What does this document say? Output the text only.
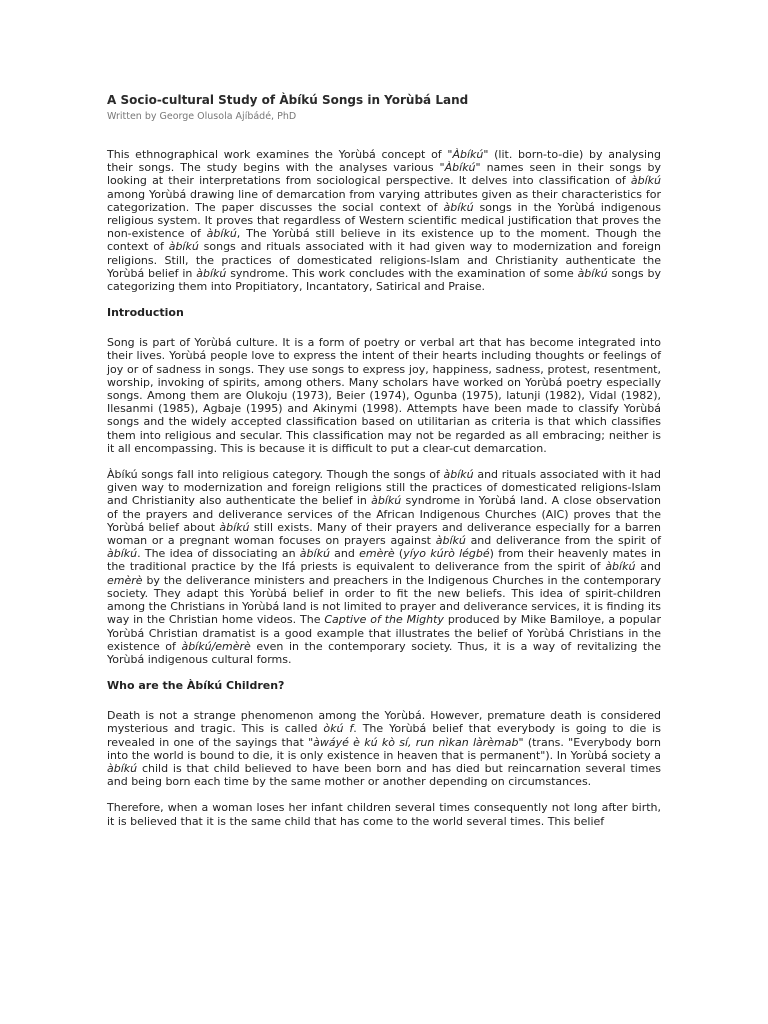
A Socio-cultural Study of Àbíkú Songs in Yorùbá Land
Written by George Olusola Ajíbádé, PhD

This ethnographical work examines the Yorùbá concept of "Àbíkú" (lit. born-to-die) by analysing their songs. The study begins with the analyses various "Àbíkú" names seen in their songs by looking at their interpretations from sociological perspective. It delves into classification of àbíkú among Yorùbá drawing line of demarcation from varying attributes given as their characteristics for categorization. The paper discusses the social context of àbíkú songs in the Yorùbá indigenous religious system. It proves that regardless of Western scientific medical justification that proves the non-existence of àbíkú, The Yorùbá still believe in its existence up to the moment. Though the context of àbíkú songs and rituals associated with it had given way to modernization and foreign religions. Still, the practices of domesticated religions-Islam and Christianity authenticate the Yorùbá belief in àbíkú syndrome. This work concludes with the examination of some àbíkú songs by categorizing them into Propitiatory, Incantatory, Satirical and Praise.

Introduction

Song is part of Yorùbá culture. It is a form of poetry or verbal art that has become integrated into their lives. Yorùbá people love to express the intent of their hearts including thoughts or feelings of joy or of sadness in songs. They use songs to express joy, happiness, sadness, protest, resentment, worship, invoking of spirits, among others. Many scholars have worked on Yorùbá poetry especially songs. Among them are Olukoju (1973), Beier (1974), Ogunba (1975), latunji (1982), Vidal (1982), Ilesanmi (1985), Agbaje (1995) and Akinymi (1998). Attempts have been made to classify Yorùbá songs and the widely accepted classification based on utilitarian as criteria is that which classifies them into religious and secular. This classification may not be regarded as all embracing; neither is it all encompassing. This is because it is difficult to put a clear-cut demarcation.

Àbíkú songs fall into religious category. Though the songs of àbíkú and rituals associated with it had given way to modernization and foreign religions still the practices of domesticated religions-Islam and Christianity also authenticate the belief in àbíkú syndrome in Yorùbá land. A close observation of the prayers and deliverance services of the African Indigenous Churches (AIC) proves that the Yorùbá belief about àbíkú still exists. Many of their prayers and deliverance especially for a barren woman or a pregnant woman focuses on prayers against àbíkú and deliverance from the spirit of àbíkú. The idea of dissociating an àbíkú and emèrè (yíyo kúrò légbé) from their heavenly mates in the traditional practice by the Ifá priests is equivalent to deliverance from the spirit of àbíkú and emèrè by the deliverance ministers and preachers in the Indigenous Churches in the contemporary society. They adapt this Yorùbá belief in order to fit the new beliefs. This idea of spirit-children among the Christians in Yorùbá land is not limited to prayer and deliverance services, it is finding its way in the Christian home videos. The Captive of the Mighty produced by Mike Bamiloye, a popular Yorùbá Christian dramatist is a good example that illustrates the belief of Yorùbá Christians in the existence of àbíkú/emèrè even in the contemporary society. Thus, it is a way of revitalizing the Yorùbá indigenous cultural forms.

Who are the Àbíkú Children?

Death is not a strange phenomenon among the Yorùbá. However, premature death is considered mysterious and tragic. This is called òkú f. The Yorùbá belief that everybody is going to die is revealed in one of the sayings that "àwáyé è kú kò sí, run nìkan làrèmab" (trans. "Everybody born into the world is bound to die, it is only existence in heaven that is permanent"). In Yorùbá society a àbíkú child is that child believed to have been born and has died but reincarnation several times and being born each time by the same mother or another depending on circumstances.

Therefore, when a woman loses her infant children several times consequently not long after birth, it is believed that it is the same child that has come to the world several times. This belief
